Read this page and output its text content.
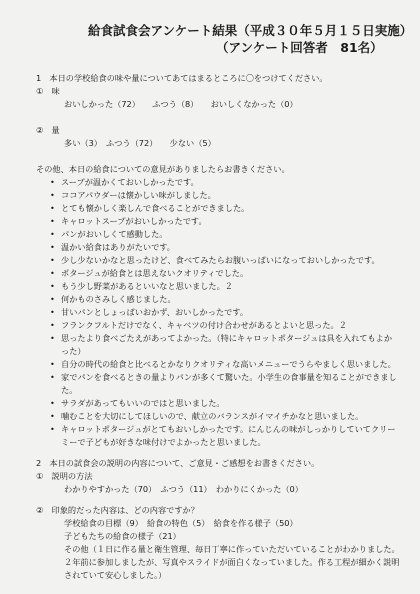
給食試食会アンケート結果（平成３０年５月１５日実施）
（アンケート回答者　81名）
1　本日の学校給食の味や量についてあてはまるところに〇をつけてください。
①　味
おいしかった（72）　　ふつう（8）　　おいしくなかった（0）
②　量
多い（3）　ふつう（72）　　少ない（5）
その他、本日の給食についての意見がありましたらお書きください。
• スープが温かくておいしかったです。
• ココアパウダーは懐かしい味がしました。
• とても懐かしく楽しんで食べることができました。
• キャロットスープがおいしかったです。
• パンがおいしくて感動した。
• 温かい給食はありがたいです。
• 少し少ないかなと思ったけど、食べてみたらお腹いっぱいになっておいしかったです。
• ポタージュが給食とは思えないクオリティでした。
• もう少し野菜があるといいなと思いました。２
• 何かものさみしく感じました。
• 甘いパンとしょっぱいおかず、おいしかったです。
• フランクフルトだけでなく、キャベツの付け合わせがあるとよいと思った。２
• 思ったより食べごたえがあってよかった。（特にキャロットポタージュは具を入れてもよかった）
• 自分の時代の給食と比べるとかなりクオリティな高いメニューでうらやましく思いました。
• 家でパンを食べるときの量よりパンが多くて驚いた。小学生の食事量を知ることができました。
• サラダがあってもいいのではと思いました。
• 噛むことを大切にしてほしいので、献立のバランスがイマイチかなと思いました。
• キャロットポタージュがとてもおいしかったです。にんじんの味がしっかりしていてクリーミーで子どもが好きな味付けでよかったと思いました。
2　本日の試食会の説明の内容について、ご意見・ご感想をお書きください。
①　説明の方法
わかりやすかった（70）　ふつう（11）　わかりにくかった（0）
②　印象的だった内容は、どの内容ですか？
学校給食の目標（9）　給食の特色（5）　給食を作る様子（50）
子どもたちの給食の様子（21）
その他（１日に作る量と衛生管理、毎日丁寧に作っていただいていることがわかりました。２年前に参加しましたが、写真やスライドが面白くなっていました。作る工程が細かく説明されていて安心しました。）
